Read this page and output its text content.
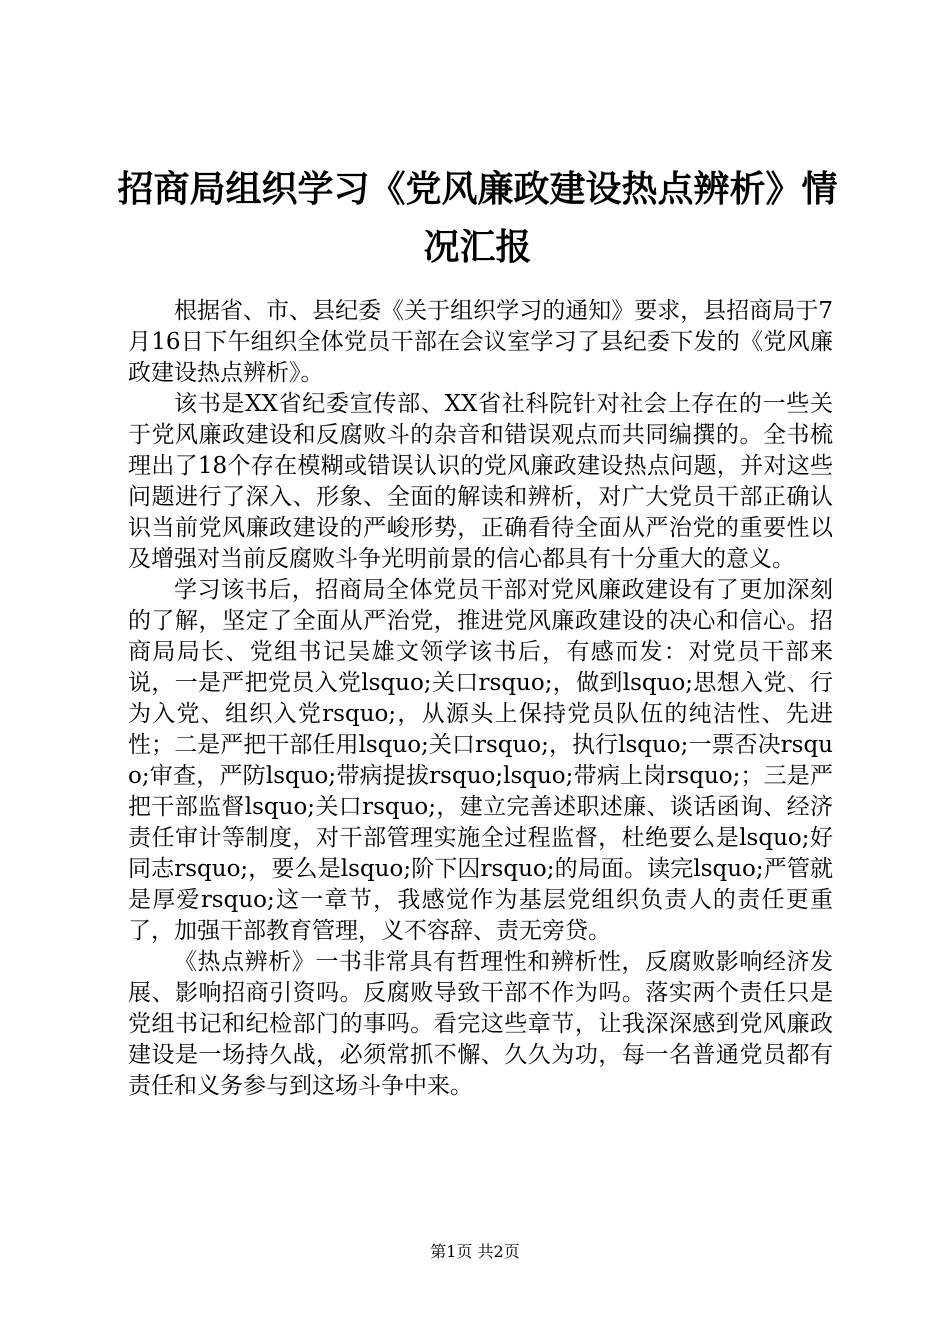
招商局组织学习《党风廉政建设热点辨析》情况汇报

根据省、市、县纪委《关于组织学习的通知》要求，县招商局于7月16日下午组织全体党员干部在会议室学习了县纪委下发的《党风廉政建设热点辨析》。

该书是XX省纪委宣传部、XX省社科院针对社会上存在的一些关于党风廉政建设和反腐败斗的杂音和错误观点而共同编撰的。全书梳理出了18个存在模糊或错误认识的党风廉政建设热点问题，并对这些问题进行了深入、形象、全面的解读和辨析，对广大党员干部正确认识当前党风廉政建设的严峻形势，正确看待全面从严治党的重要性以及增强对当前反腐败斗争光明前景的信心都具有十分重大的意义。

学习该书后，招商局全体党员干部对党风廉政建设有了更加深刻的了解，坚定了全面从严治党，推进党风廉政建设的决心和信心。招商局局长、党组书记吴雄文领学该书后，有感而发：对党员干部来说，一是严把党员入党lsquo;关口rsquo;，做到lsquo;思想入党、行为入党、组织入党rsquo;，从源头上保持党员队伍的纯洁性、先进性；二是严把干部任用lsquo;关口rsquo;，执行lsquo;一票否决rsquo;审查，严防lsquo;带病提拔rsquo;lsquo;带病上岗rsquo;；三是严把干部监督lsquo;关口rsquo;，建立完善述职述廉、谈话函询、经济责任审计等制度，对干部管理实施全过程监督，杜绝要么是lsquo;好同志rsquo;，要么是lsquo;阶下囚rsquo;的局面。读完lsquo;严管就是厚爱rsquo;这一章节，我感觉作为基层党组织负责人的责任更重了，加强干部教育管理，义不容辞、责无旁贷。

《热点辨析》一书非常具有哲理性和辨析性，反腐败影响经济发展、影响招商引资吗。反腐败导致干部不作为吗。落实两个责任只是党组书记和纪检部门的事吗。看完这些章节，让我深深感到党风廉政建设是一场持久战，必须常抓不懈、久久为功，每一名普通党员都有责任和义务参与到这场斗争中来。

第1页 共2页
